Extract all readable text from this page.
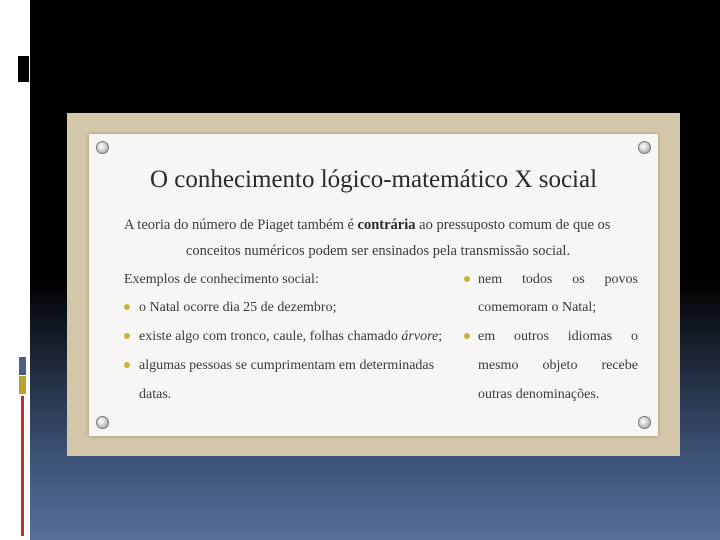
O conhecimento lógico-matemático X social
A teoria do número de Piaget também é contrária ao pressuposto comum de que os
conceitos numéricos podem ser ensinados pela transmissão social.
Exemplos de conhecimento social:
o Natal ocorre dia 25 de dezembro;
existe algo com tronco, caule, folhas chamado árvore;
algumas pessoas se cumprimentam em determinadas
datas.
nem todos os povos
comemoram o Natal;
em outros idiomas o
mesmo objeto recebe
outras denominações.
